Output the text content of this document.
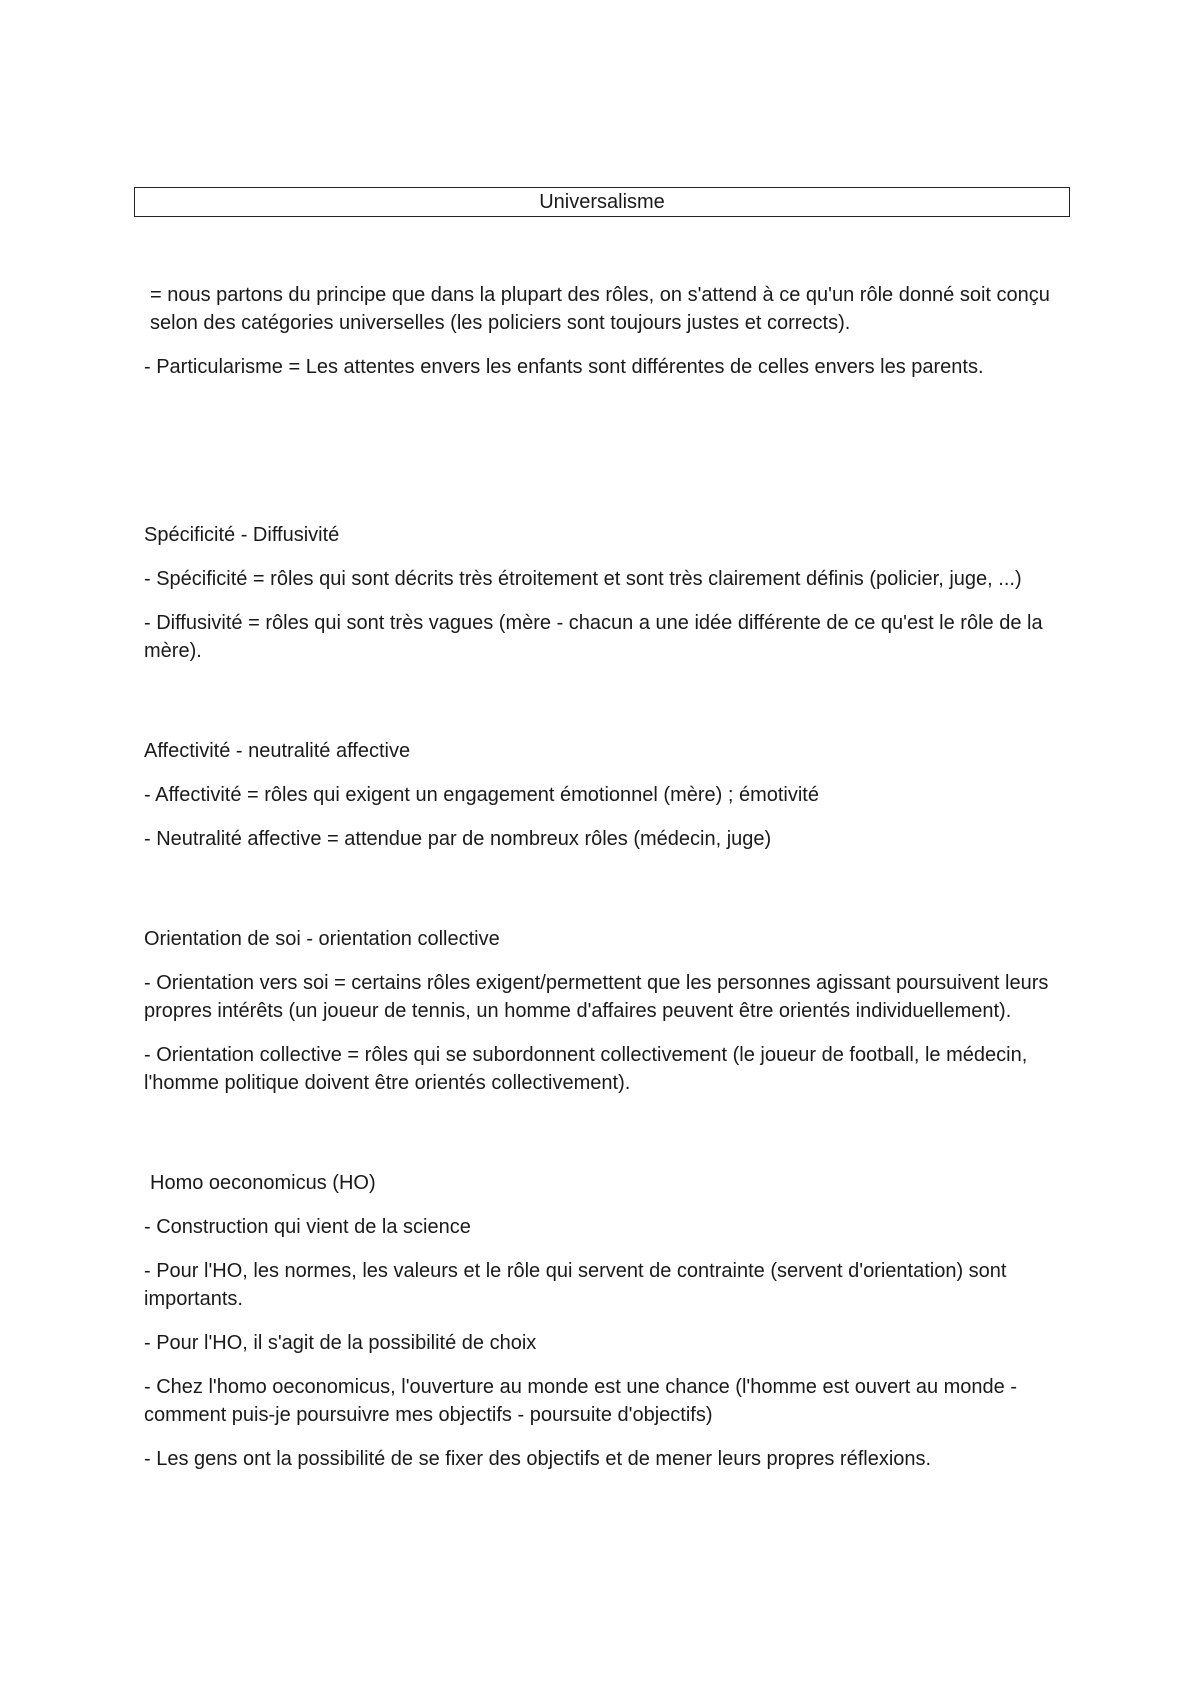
Universalisme

= nous partons du principe que dans la plupart des rôles, on s'attend à ce qu'un rôle donné soit conçu selon des catégories universelles (les policiers sont toujours justes et corrects).

- Particularisme = Les attentes envers les enfants sont différentes de celles envers les parents.

Spécificité - Diffusivité

- Spécificité = rôles qui sont décrits très étroitement et sont très clairement définis (policier, juge, ...)

- Diffusivité = rôles qui sont très vagues (mère - chacun a une idée différente de ce qu'est le rôle de la mère).

Affectivité - neutralité affective

- Affectivité = rôles qui exigent un engagement émotionnel (mère) ; émotivité

- Neutralité affective = attendue par de nombreux rôles (médecin, juge)

Orientation de soi - orientation collective

- Orientation vers soi = certains rôles exigent/permettent que les personnes agissant poursuivent leurs propres intérêts (un joueur de tennis, un homme d'affaires peuvent être orientés individuellement).

- Orientation collective = rôles qui se subordonnent collectivement (le joueur de football, le médecin, l'homme politique doivent être orientés collectivement).

Homo oeconomicus (HO)

- Construction qui vient de la science

- Pour l'HO, les normes, les valeurs et le rôle qui servent de contrainte (servent d'orientation) sont importants.

- Pour l'HO, il s'agit de la possibilité de choix

- Chez l'homo oeconomicus, l'ouverture au monde est une chance (l'homme est ouvert au monde - comment puis-je poursuivre mes objectifs - poursuite d'objectifs)

- Les gens ont la possibilité de se fixer des objectifs et de mener leurs propres réflexions.
